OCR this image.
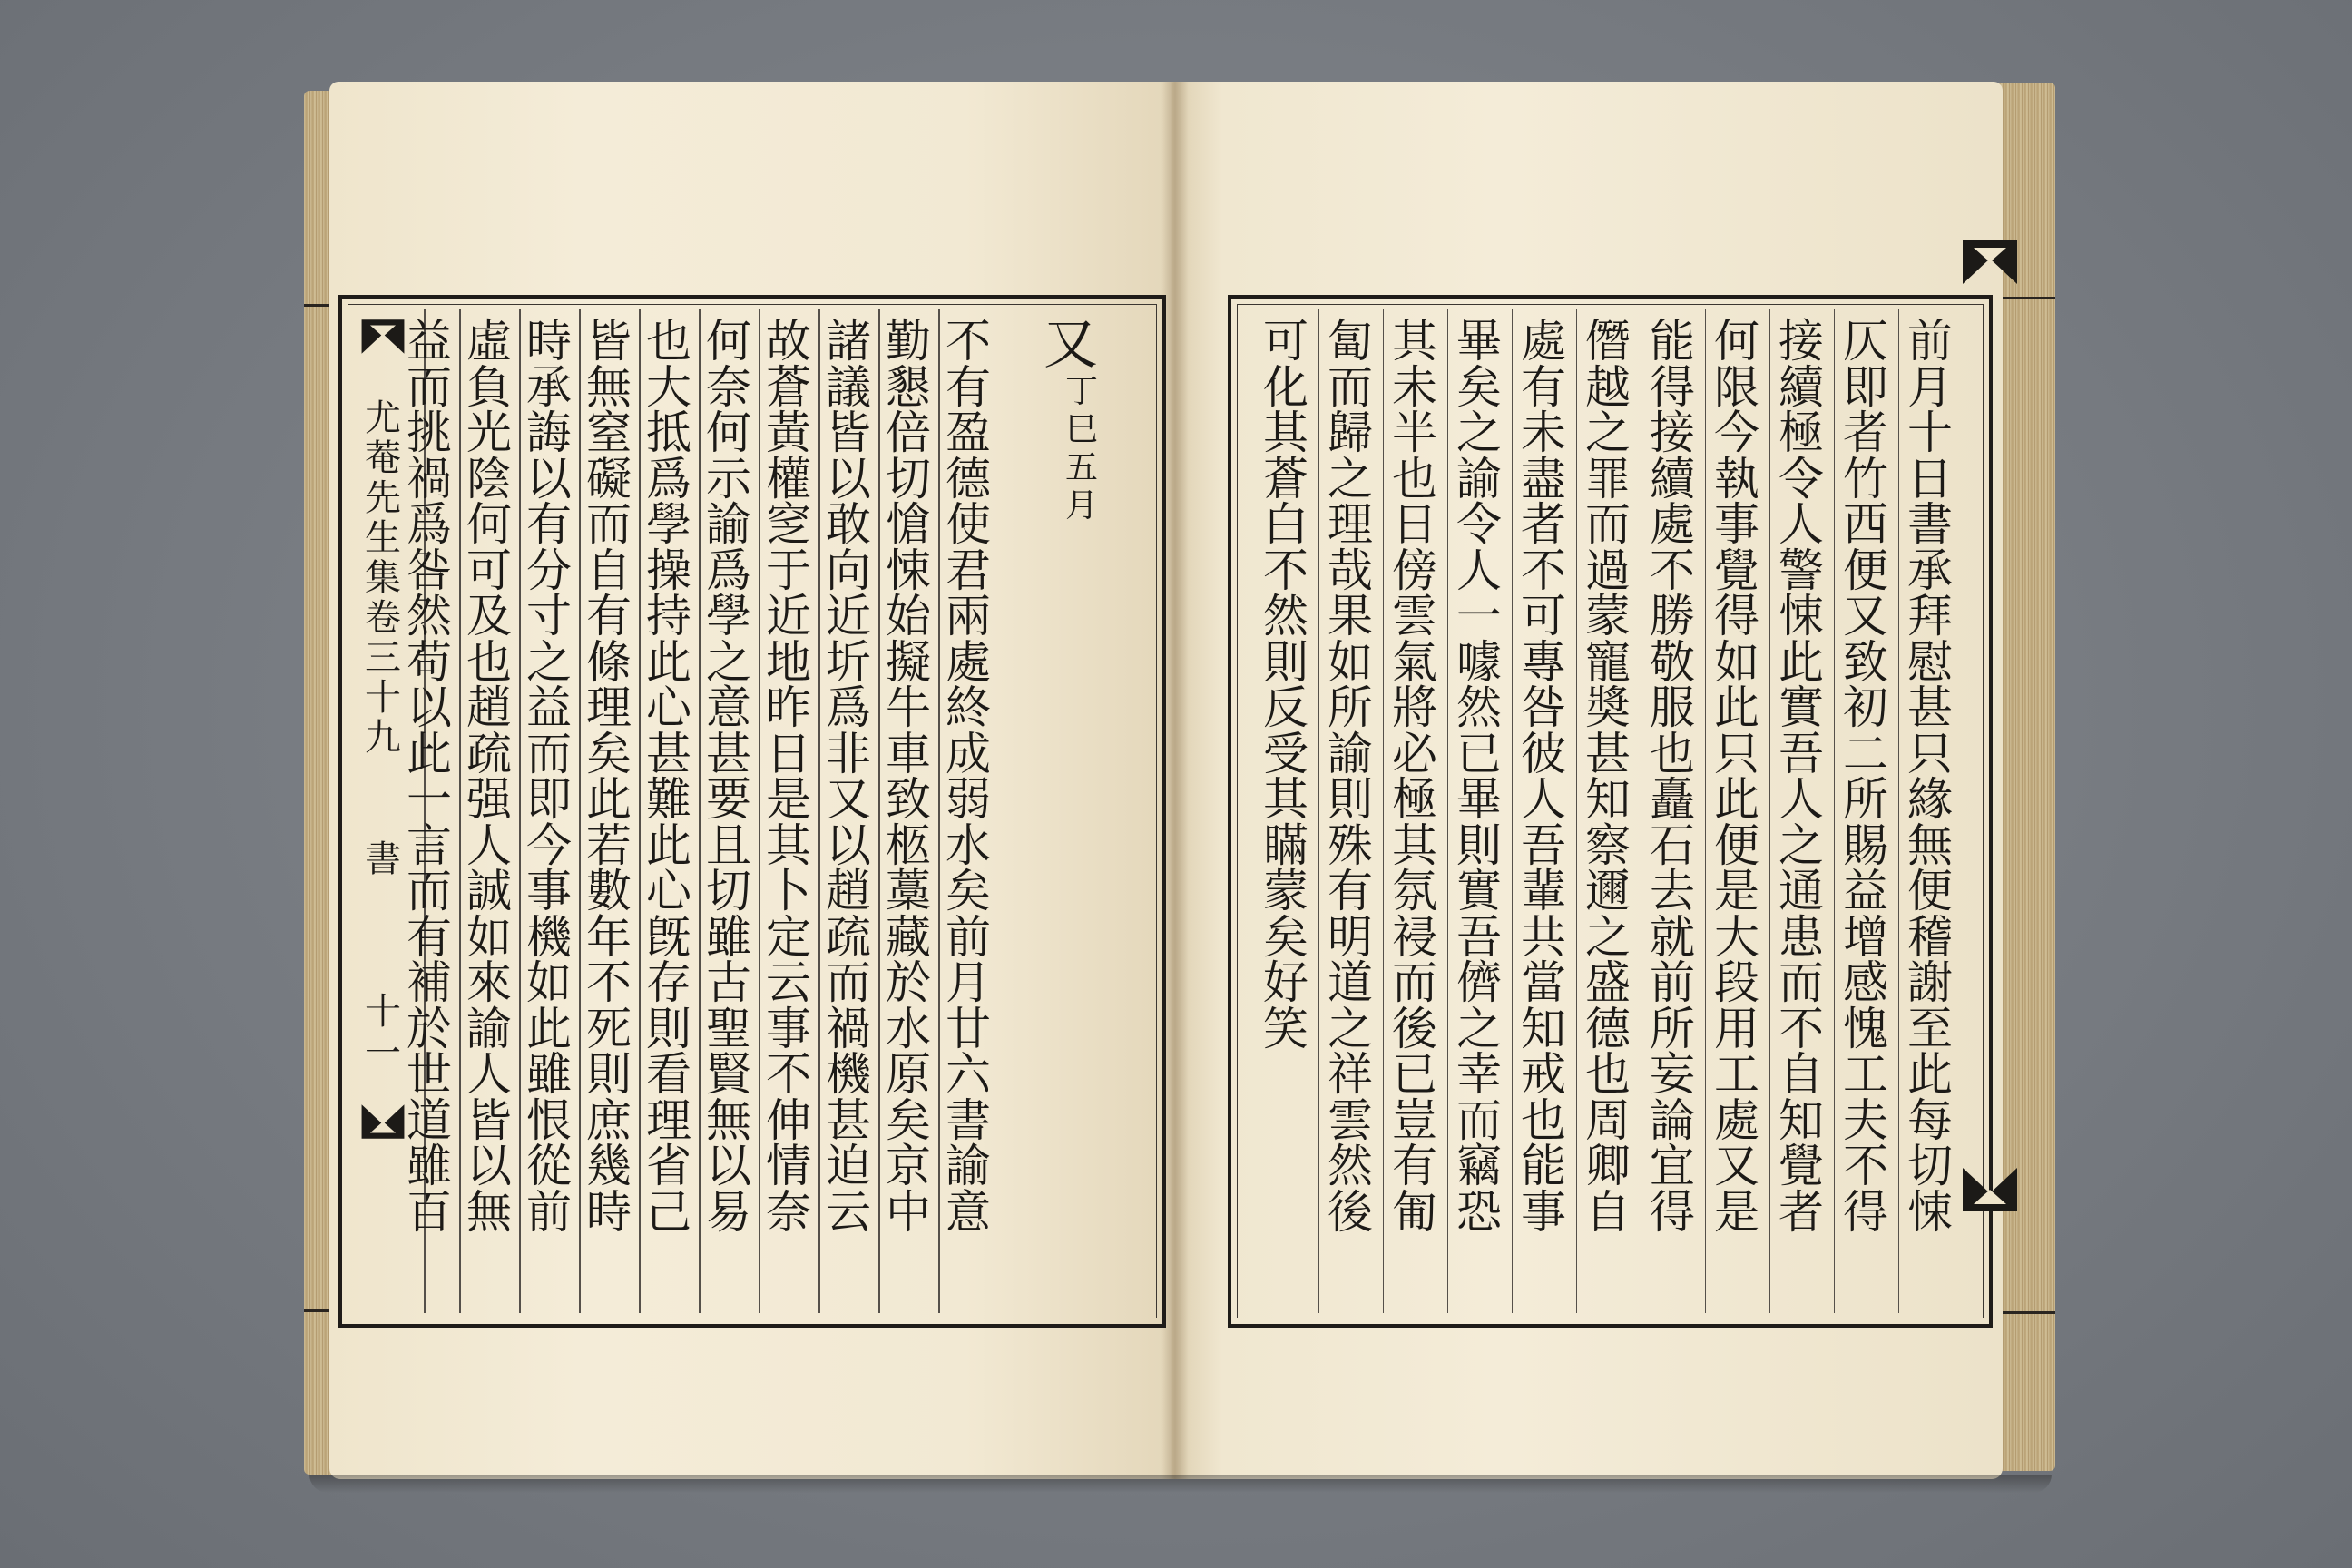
尤菴先生集卷三十九
書
十一
不
有
盈
德
使
君
兩
處
終
成
弱
水
矣
前
月
廿
六
書
諭
意
勤
懇
倍
切
愴
悚
始
擬
牛
車
致
柩
藁
藏
於
水
原
矣
京
中
諸
議
皆
以
敢
向
近
圻
爲
非
又
以
趙
疏
而
禍
機
甚
迫
云
故
蒼
黃
權
窆
于
近
地
昨
日
是
其
卜
定
云
事
不
伸
情
奈
何
奈
何
示
諭
爲
學
之
意
甚
要
且
切
雖
古
聖
賢
無
以
易
也
大
抵
爲
學
操
持
此
心
甚
難
此
心
旣
存
則
看
理
省
己
皆
無
窒
礙
而
自
有
條
理
矣
此
若
數
年
不
死
則
庶
幾
時
時
承
誨
以
有
分
寸
之
益
而
即
今
事
機
如
此
雖
恨
從
前
虛
負
光
陰
何
可
及
也
趙
疏
强
人
誠
如
來
諭
人
皆
以
無
益
而
挑
禍
爲
咎
然
苟
以
此
一
言
而
有
補
於
世
道
雖
百
又
丁巳五月
前
月
十
日
書
承
拜
慰
甚
只
緣
無
便
稽
謝
至
此
每
切
悚
仄
即
者
竹
西
便
又
致
初
二
所
賜
益
增
感
愧
工
夫
不
得
接
續
極
令
人
警
悚
此
實
吾
人
之
通
患
而
不
自
知
覺
者
何
限
今
執
事
覺
得
如
此
只
此
便
是
大
段
用
工
處
又
是
能
得
接
續
處
不
勝
敬
服
也
矗
石
去
就
前
所
妄
論
宜
得
僭
越
之
罪
而
過
蒙
寵
奬
甚
知
察
邇
之
盛
德
也
周
卿
自
處
有
未
盡
者
不
可
專
咎
彼
人
吾
輩
共
當
知
戒
也
能
事
畢
矣
之
諭
令
人
一
噱
然
已
畢
則
實
吾
儕
之
幸
而
竊
恐
其
未
半
也
日
傍
雲
氣
將
必
極
其
氛
祲
而
後
已
豈
有
匍
匐
而
歸
之
理
哉
果
如
所
諭
則
殊
有
明
道
之
祥
雲
然
後
可
化
其
蒼
白
不
然
則
反
受
其
瞞
蒙
矣
好
笑
